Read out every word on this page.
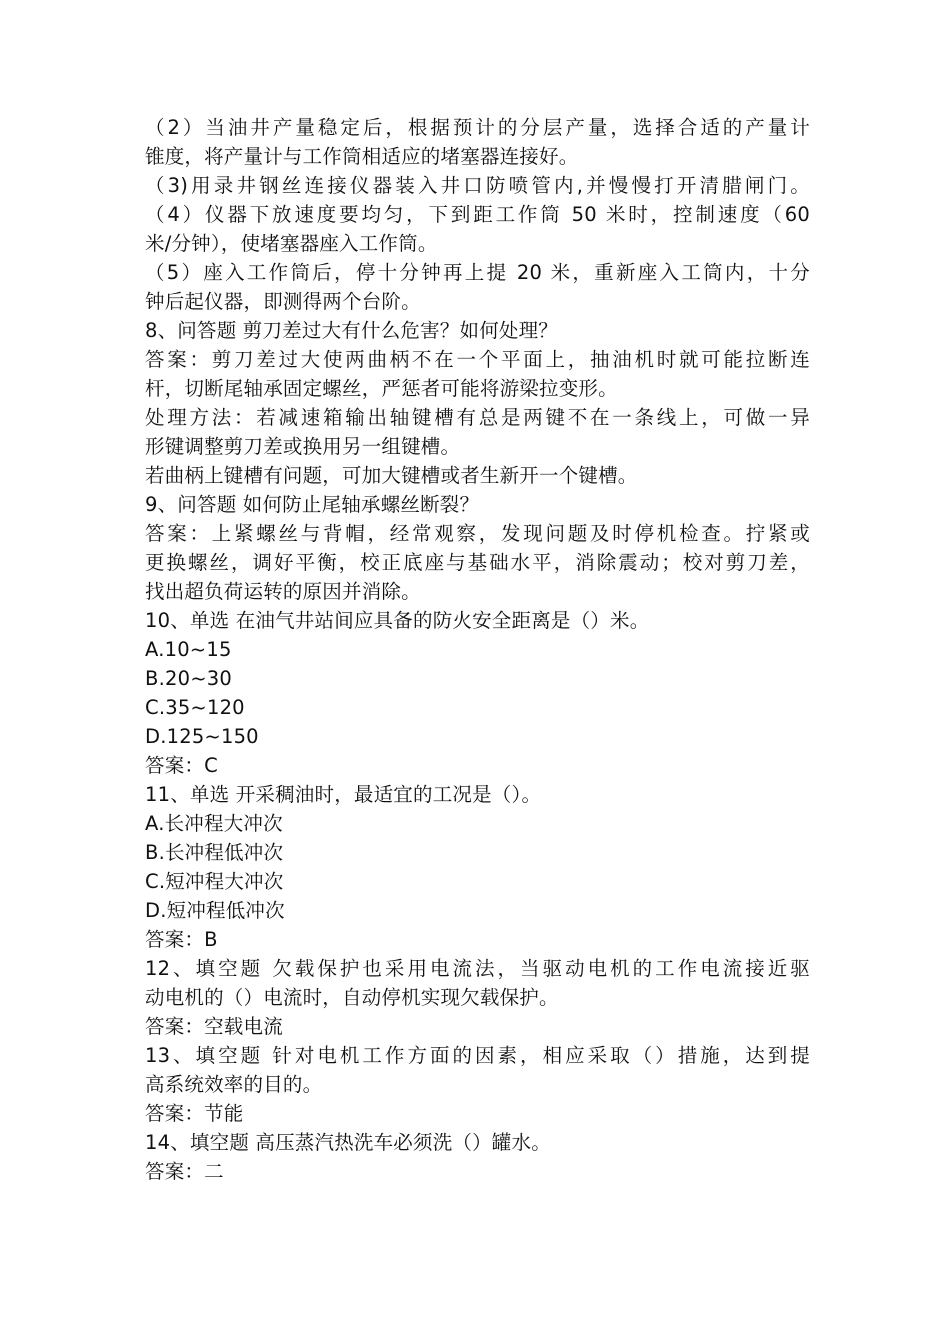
（2）当油井产量稳定后，根据预计的分层产量，选择合适的产量计
锥度，将产量计与工作筒相适应的堵塞器连接好。
（3)用录井钢丝连接仪器装入井口防喷管内,并慢慢打开清腊闸门。
（4）仪器下放速度要均匀，下到距工作筒 50 米时，控制速度（60
米/分钟），使堵塞器座入工作筒。
（5）座入工作筒后，停十分钟再上提 20 米，重新座入工筒内，十分
钟后起仪器，即测得两个台阶。
8、问答题 剪刀差过大有什么危害？如何处理？
答案：剪刀差过大使两曲柄不在一个平面上，抽油机时就可能拉断连
杆，切断尾轴承固定螺丝，严惩者可能将游梁拉变形。
处理方法：若减速箱输出轴键槽有总是两键不在一条线上，可做一异
形键调整剪刀差或换用另一组键槽。
若曲柄上键槽有问题，可加大键槽或者生新开一个键槽。
9、问答题 如何防止尾轴承螺丝断裂？
答案：上紧螺丝与背帽，经常观察，发现问题及时停机检查。拧紧或
更换螺丝，调好平衡，校正底座与基础水平，消除震动；校对剪刀差，
找出超负荷运转的原因并消除。
10、单选 在油气井站间应具备的防火安全距离是（）米。
A.10~15
B.20~30
C.35~120
D.125~150
答案：C
11、单选 开采稠油时，最适宜的工况是（）。
A.长冲程大冲次
B.长冲程低冲次
C.短冲程大冲次
D.短冲程低冲次
答案：B
12、填空题 欠载保护也采用电流法，当驱动电机的工作电流接近驱
动电机的（）电流时，自动停机实现欠载保护。
答案：空载电流
13、填空题 针对电机工作方面的因素，相应采取（）措施，达到提
高系统效率的目的。
答案：节能
14、填空题 高压蒸汽热洗车必须洗（）罐水。
答案：二
